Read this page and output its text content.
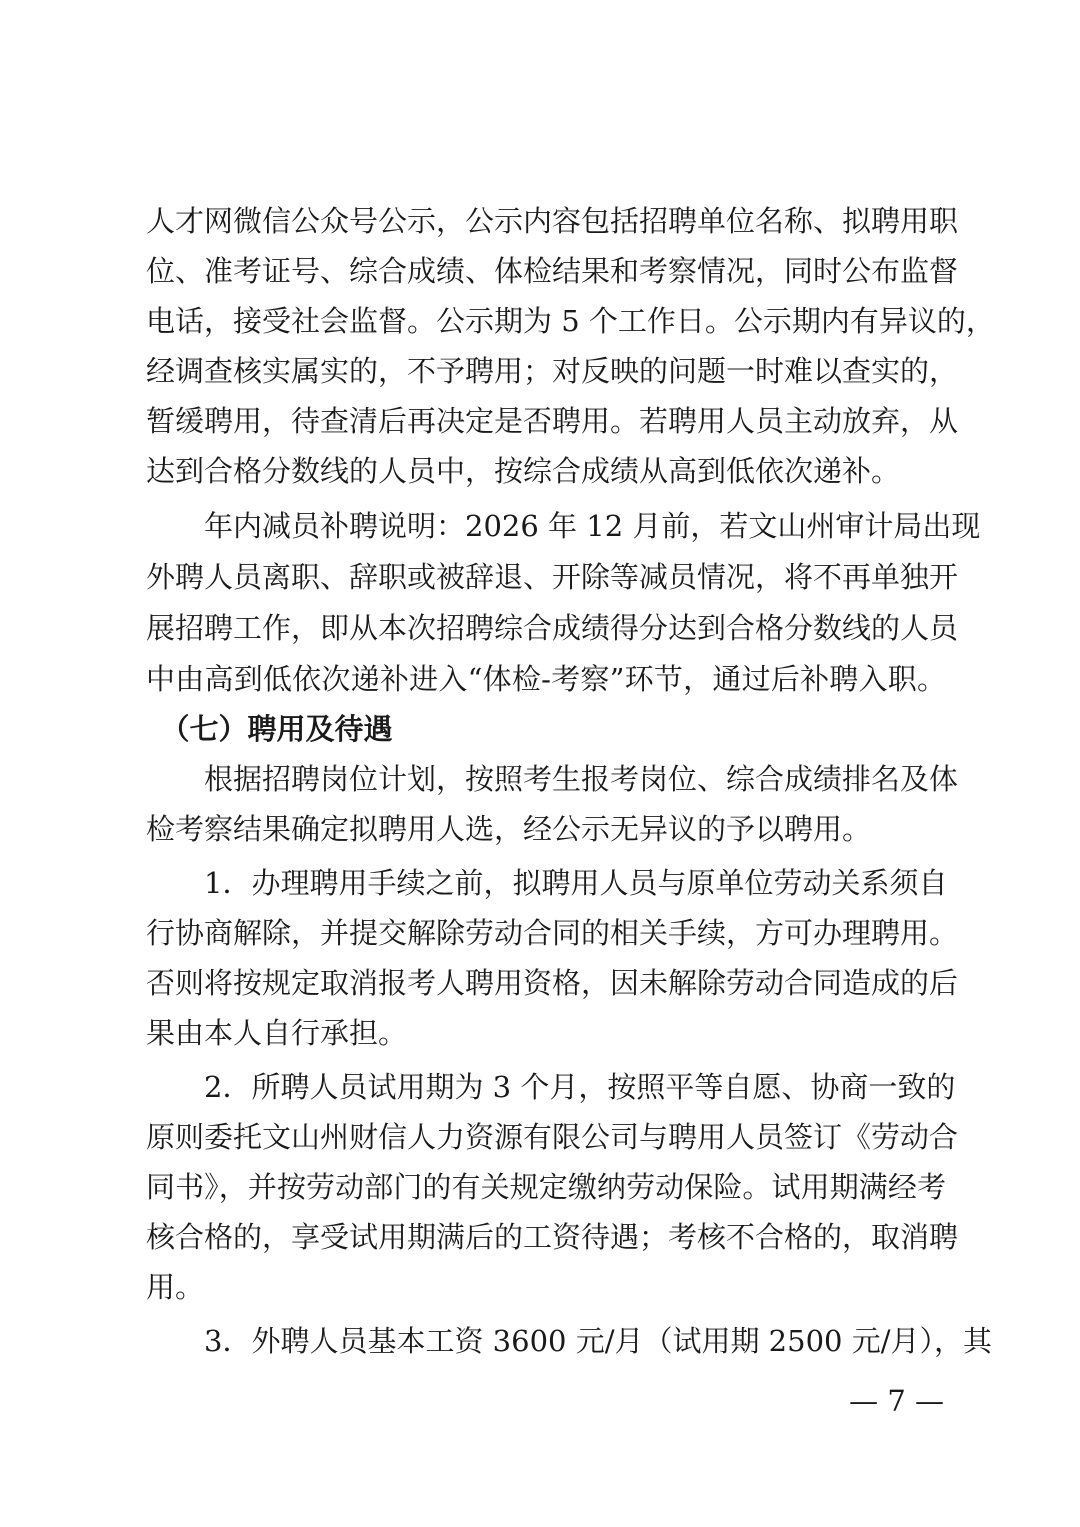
人才网微信公众号公示，公示内容包括招聘单位名称、拟聘用职
位、准考证号、综合成绩、体检结果和考察情况，同时公布监督
电话，接受社会监督。公示期为 5 个工作日。公示期内有异议的，
经调查核实属实的，不予聘用；对反映的问题一时难以查实的，
暂缓聘用，待查清后再决定是否聘用。若聘用人员主动放弃，从
达到合格分数线的人员中，按综合成绩从高到低依次递补。
　　年内减员补聘说明：2026 年 12 月前，若文山州审计局出现
外聘人员离职、辞职或被辞退、开除等减员情况，将不再单独开
展招聘工作，即从本次招聘综合成绩得分达到合格分数线的人员
中由高到低依次递补进入“体检-考察”环节，通过后补聘入职。
　（七）聘用及待遇
　　根据招聘岗位计划，按照考生报考岗位、综合成绩排名及体
检考察结果确定拟聘用人选，经公示无异议的予以聘用。
　　1．办理聘用手续之前，拟聘用人员与原单位劳动关系须自
行协商解除，并提交解除劳动合同的相关手续，方可办理聘用。
否则将按规定取消报考人聘用资格，因未解除劳动合同造成的后
果由本人自行承担。
　　2．所聘人员试用期为 3 个月，按照平等自愿、协商一致的
原则委托文山州财信人力资源有限公司与聘用人员签订《劳动合
同书》，并按劳动部门的有关规定缴纳劳动保险。试用期满经考
核合格的，享受试用期满后的工资待遇；考核不合格的，取消聘
用。
　　3．外聘人员基本工资 3600 元/月（试用期 2500 元/月），其
— 7 —
